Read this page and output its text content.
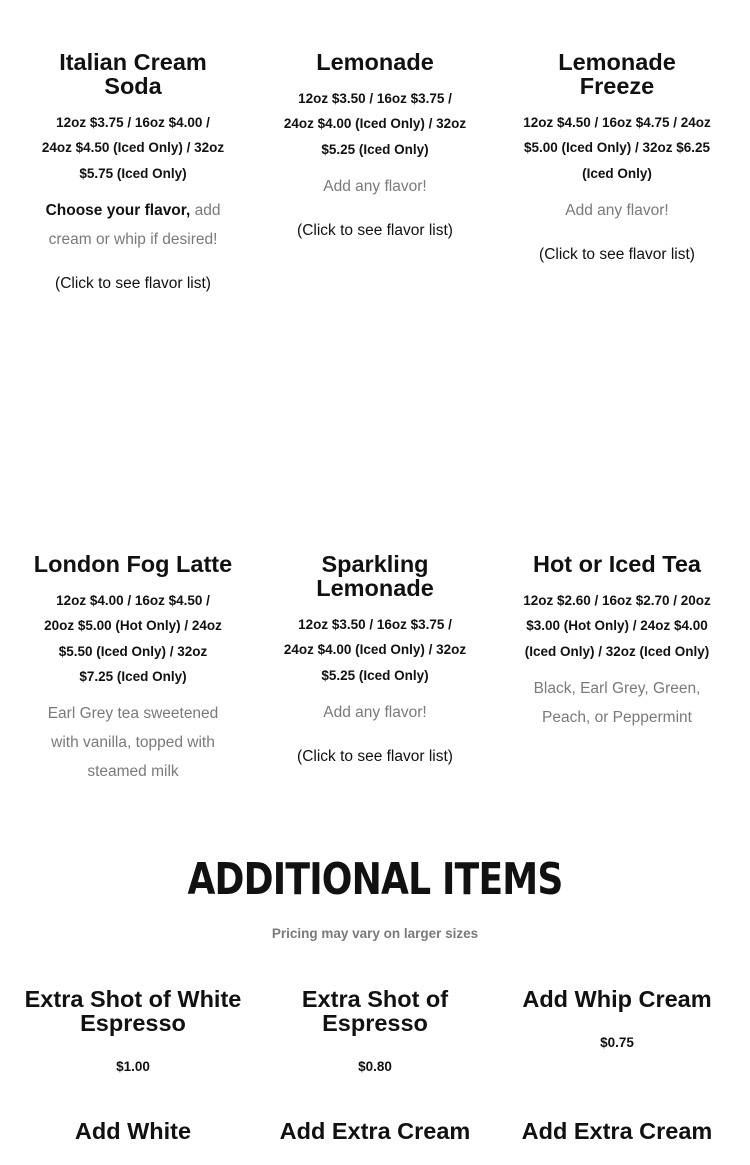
Italian Cream Soda
12oz $3.75 / 16oz $4.00 / 24oz $4.50 (Iced Only) / 32oz $5.75 (Iced Only)
Choose your flavor, add cream or whip if desired!
(Click to see flavor list)
Lemonade
12oz $3.50 / 16oz $3.75 / 24oz $4.00 (Iced Only) / 32oz $5.25 (Iced Only)
Add any flavor!
(Click to see flavor list)
Lemonade Freeze
12oz $4.50 / 16oz $4.75 / 24oz $5.00 (Iced Only) / 32oz $6.25 (Iced Only)
Add any flavor!
(Click to see flavor list)
London Fog Latte
12oz $4.00 / 16oz $4.50 / 20oz $5.00 (Hot Only) / 24oz $5.50 (Iced Only) / 32oz $7.25 (Iced Only)
Earl Grey tea sweetened with vanilla, topped with steamed milk
Sparkling Lemonade
12oz $3.50 / 16oz $3.75 / 24oz $4.00 (Iced Only) / 32oz $5.25 (Iced Only)
Add any flavor!
(Click to see flavor list)
Hot or Iced Tea
12oz $2.60 / 16oz $2.70 / 20oz $3.00 (Hot Only) / 24oz $4.00 (Iced Only) / 32oz (Iced Only)
Black, Earl Grey, Green, Peach, or Peppermint
ADDITIONAL ITEMS
Pricing may vary on larger sizes
Extra Shot of White Espresso
$1.00
Extra Shot of Espresso
$0.80
Add Whip Cream
$0.75
Add White	Add Extra Cream	Add Extra Cream
